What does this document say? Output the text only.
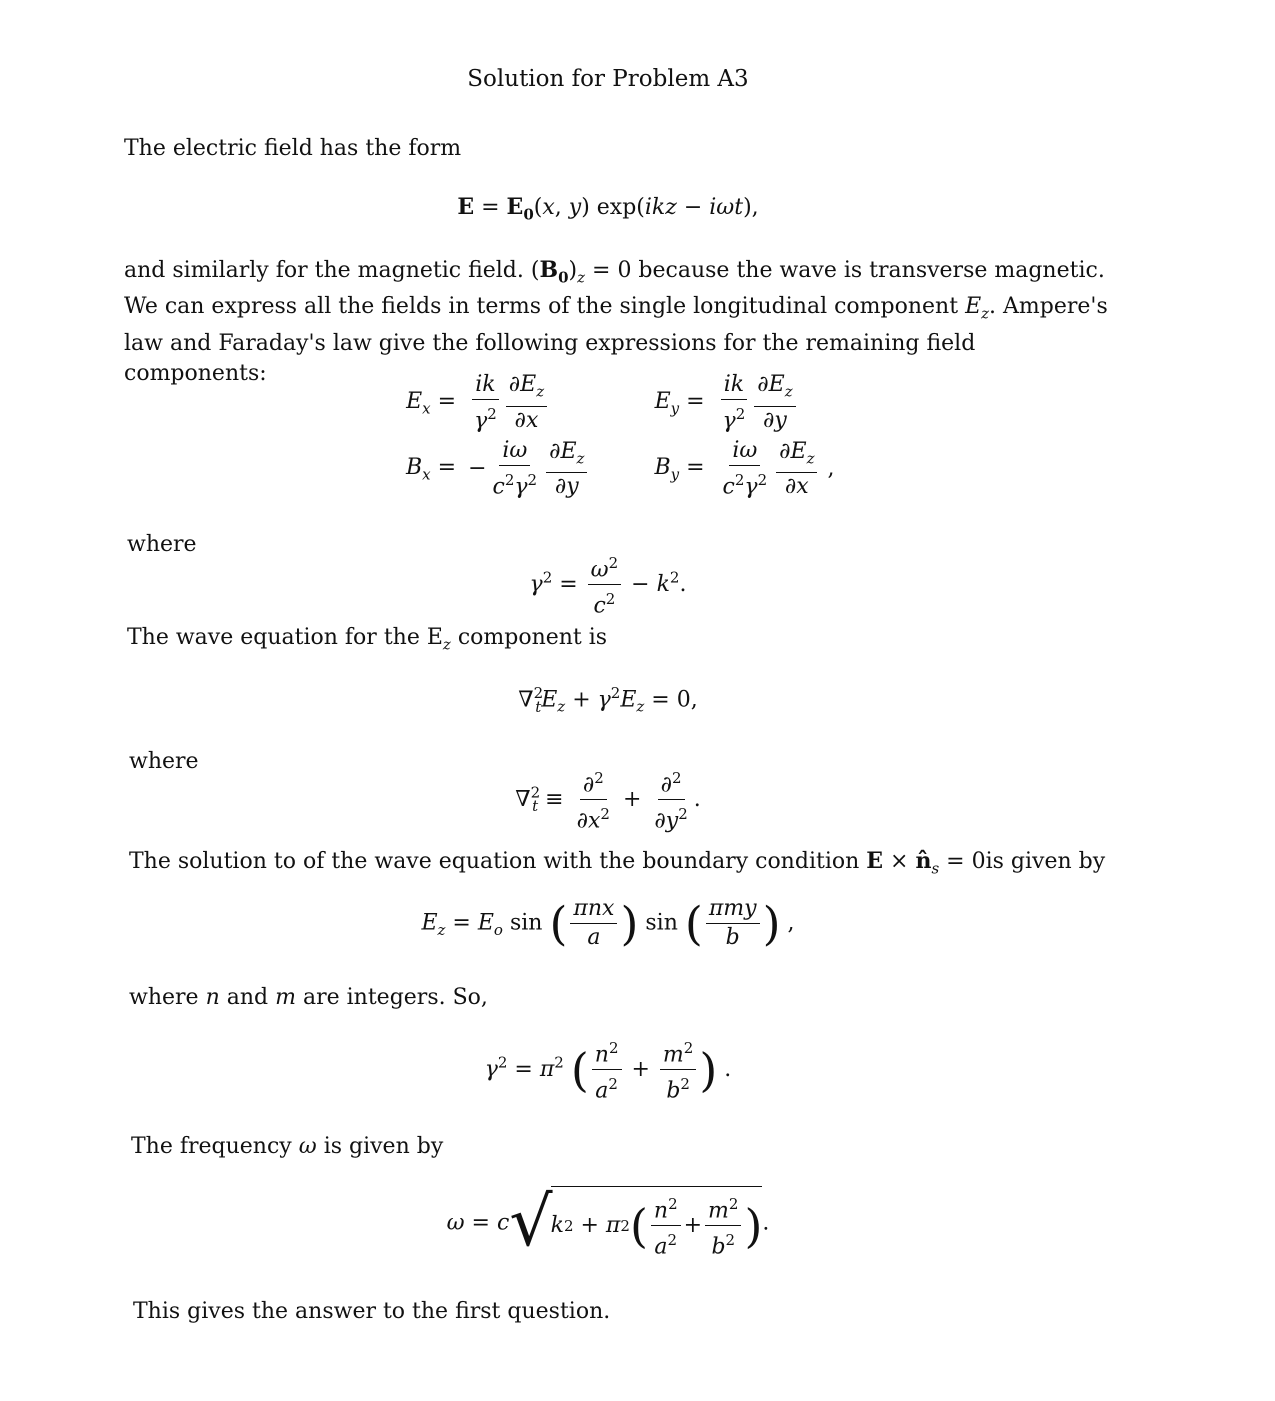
Solution for Problem A3
The electric field has the form
$E = E_0(x$, y) exp(ikz − iωt),
and similarly for the magnetic field. $(B_0)_z = 0$ because the wave is transverse magnetic. We can express all the fields in terms of the single longitudinal component $E_z$. Ampere's law and Faraday's law give the following expressions for the remaining field components:
$E_x$ =	$\frac{ik}{\gamma^2} \frac{\partial E_z}{\partial x}$		$E_y$ =	$\frac{ik}{\gamma^2} \frac{\partial E_z}{\partial y}$

$B_x$ =	− $\frac{i\omega}{c^2\gamma^2} \frac{\partial E_z}{\partial y}$		$B_y$ =	$\frac{i\omega}{c^2\gamma^2} \frac{\partial E_z}{\partial x}$ ,
where
$\gamma^2 = \frac{\omega^2}{c^2} - k^2$.
The wave equation for the $E_z$ component is
$\nabla^2_tE_z + \gamma^2E_z = 0$,
where
$\nabla^2_t \equiv \frac{\partial^2}{\partial x^2} + \frac{\partial^2}{\partial y^2}$ .
The solution to of the wave equation with the boundary condition $E \times n̂_s = 0is$ given by
$E_z = E_o$ sin ( πnx
a ) sin ( πmy
b ) ,
where n and m are integers. So,
$\gamma^2 = \pi^2$ ( $\frac{n^2}{a^2} + \frac{m^2}{b^2}$ ) .
The frequency ω is given by
ω = c √
k 2 + π 2 ( $n^2$
$a^2$
+
$m^2$
$b^2$ ) .
This gives the answer to the first question.
